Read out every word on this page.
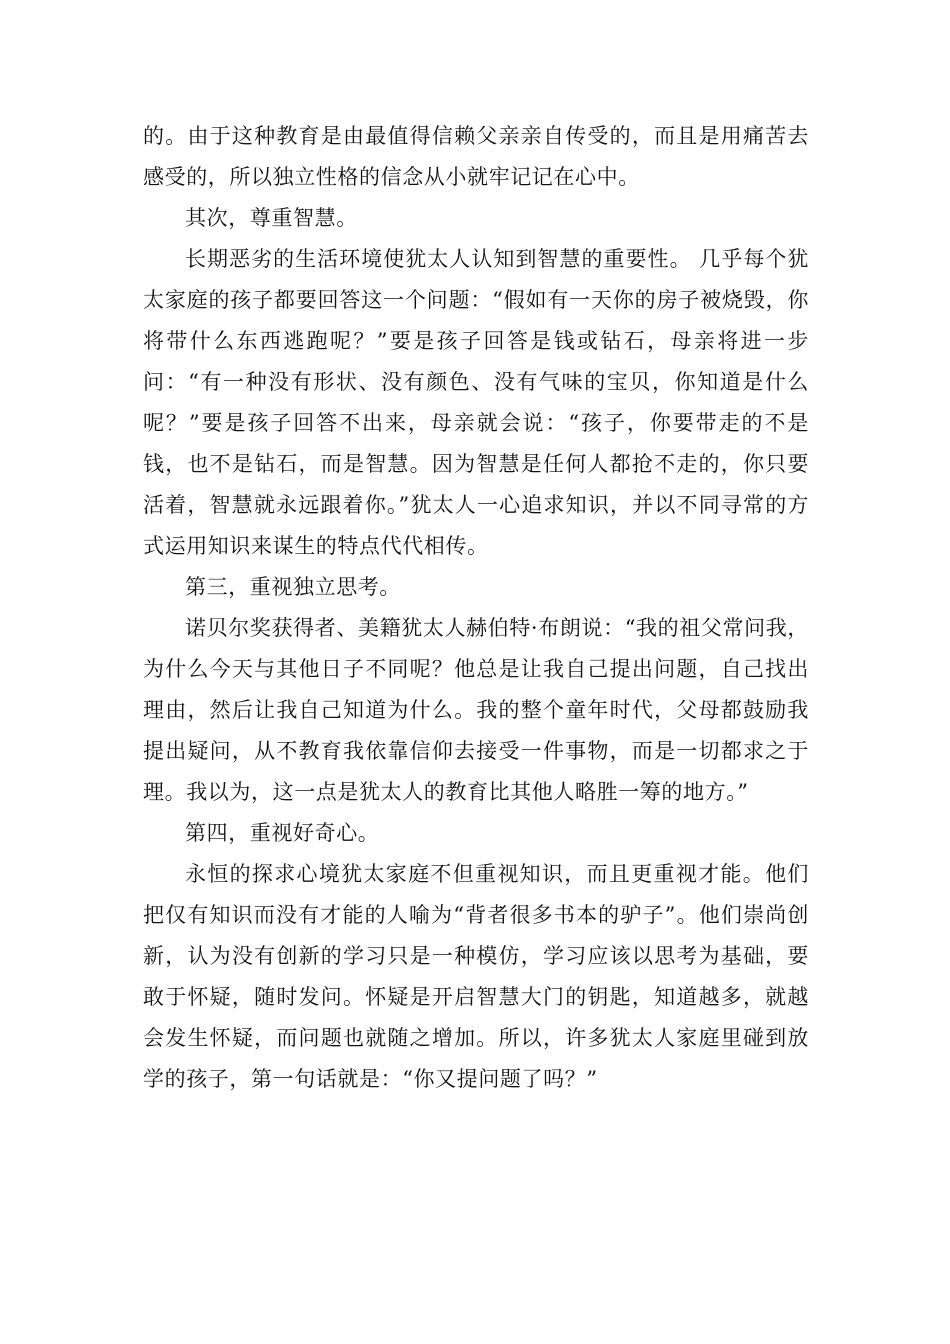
的。由于这种教育是由最值得信赖父亲亲自传受的，而且是用痛苦去感受的，所以独立性格的信念从小就牢记记在心中。

其次，尊重智慧。

长期恶劣的生活环境使犹太人认知到智慧的重要性。 几乎每个犹太家庭的孩子都要回答这一个问题：“假如有一天你的房子被烧毁，你将带什么东西逃跑呢？”要是孩子回答是钱或钻石，母亲将进一步问：“有一种没有形状、没有颜色、没有气味的宝贝，你知道是什么呢？”要是孩子回答不出来，母亲就会说：“孩子，你要带走的不是钱，也不是钻石，而是智慧。因为智慧是任何人都抢不走的，你只要活着，智慧就永远跟着你。”犹太人一心追求知识，并以不同寻常的方式运用知识来谋生的特点代代相传。

第三，重视独立思考。

诺贝尔奖获得者、美籍犹太人赫伯特·布朗说：“我的祖父常问我，为什么今天与其他日子不同呢？他总是让我自己提出问题，自己找出理由，然后让我自己知道为什么。我的整个童年时代，父母都鼓励我提出疑问，从不教育我依靠信仰去接受一件事物，而是一切都求之于理。我以为，这一点是犹太人的教育比其他人略胜一筹的地方。”

第四，重视好奇心。

永恒的探求心境犹太家庭不但重视知识，而且更重视才能。他们把仅有知识而没有才能的人喻为“背者很多书本的驴子”。他们崇尚创新，认为没有创新的学习只是一种模仿，学习应该以思考为基础，要敢于怀疑，随时发问。怀疑是开启智慧大门的钥匙，知道越多，就越会发生怀疑，而问题也就随之增加。所以，许多犹太人家庭里碰到放学的孩子，第一句话就是：“你又提问题了吗？”
